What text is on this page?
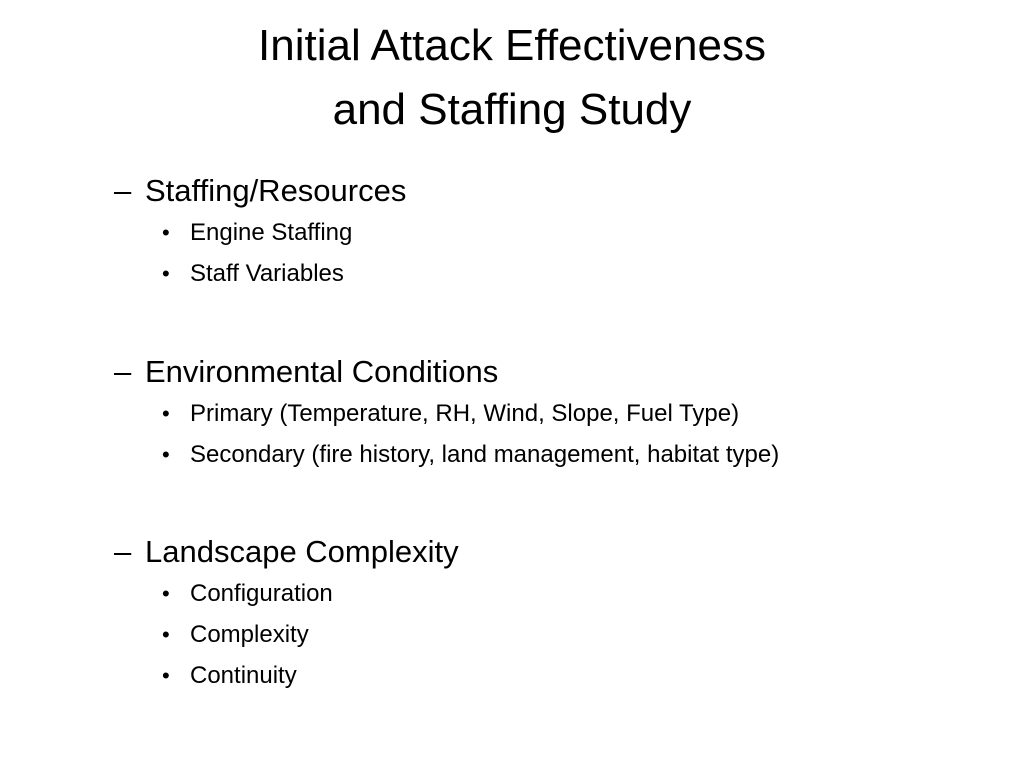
Initial Attack Effectiveness
and Staffing Study
– Staffing/Resources
• Engine Staffing
• Staff Variables
– Environmental Conditions
• Primary (Temperature, RH, Wind, Slope, Fuel Type)
• Secondary (fire history, land management, habitat type)
– Landscape Complexity
• Configuration
• Complexity
• Continuity
